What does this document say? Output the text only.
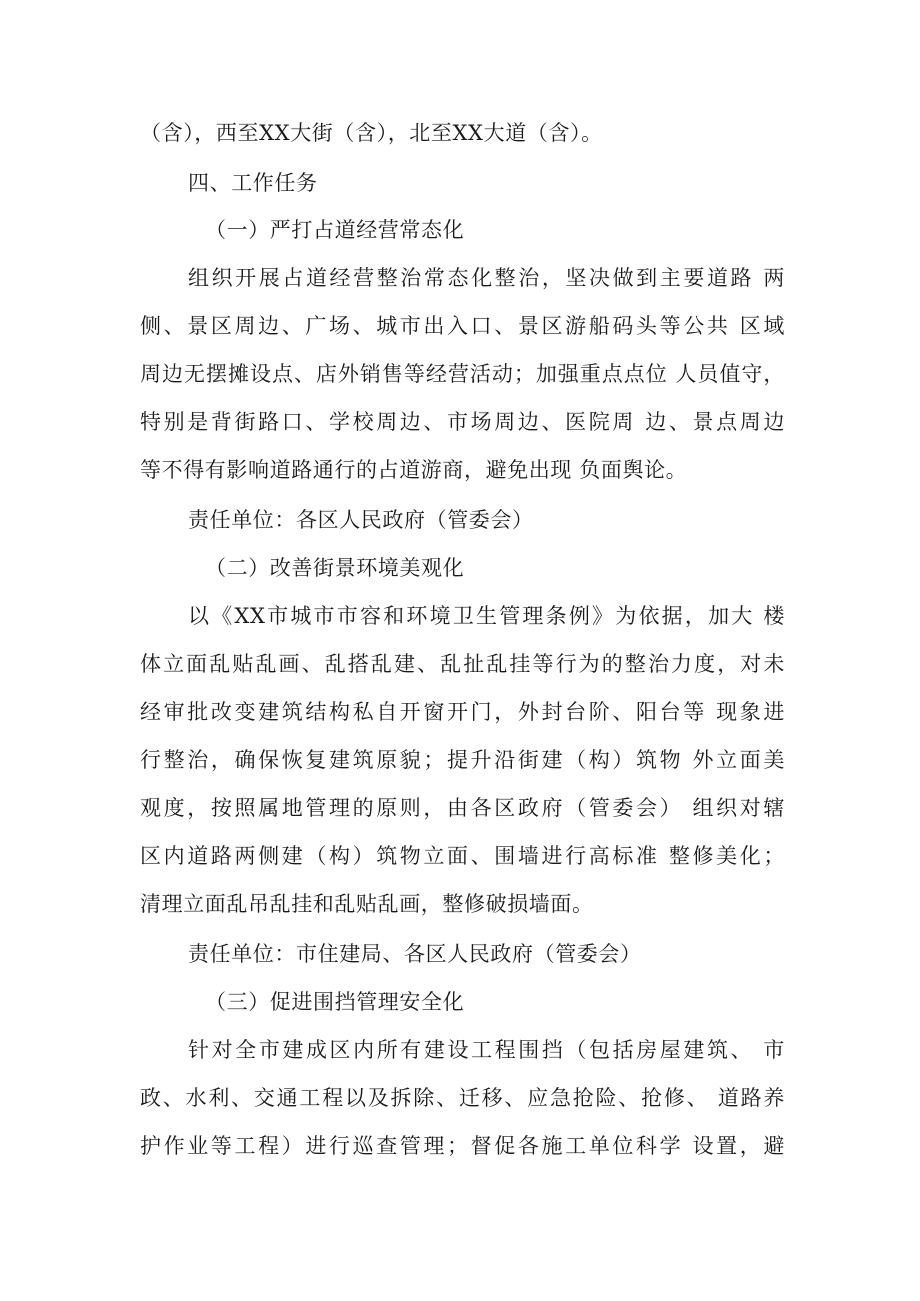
（含），西至XX大街（含），北至XX大道（含）。
四、工作任务
（一）严打占道经营常态化
组织开展占道经营整治常态化整治，坚决做到主要道路 两
侧、景区周边、广场、城市出入口、景区游船码头等公共 区域
周边无摆摊设点、店外销售等经营活动；加强重点点位 人员值守，
特别是背街路口、学校周边、市场周边、医院周 边、景点周边
等不得有影响道路通行的占道游商，避免出现 负面舆论。
责任单位：各区人民政府（管委会）
（二）改善街景环境美观化
以《XX市城市市容和环境卫生管理条例》为依据，加大 楼
体立面乱贴乱画、乱搭乱建、乱扯乱挂等行为的整治力度，对未
经审批改变建筑结构私自开窗开门，外封台阶、阳台等 现象进
行整治，确保恢复建筑原貌；提升沿街建（构）筑物 外立面美
观度，按照属地管理的原则，由各区政府（管委会） 组织对辖
区内道路两侧建（构）筑物立面、围墙进行高标准 整修美化；
清理立面乱吊乱挂和乱贴乱画，整修破损墙面。
责任单位：市住建局、各区人民政府（管委会）
（三）促进围挡管理安全化
针对全市建成区内所有建设工程围挡（包括房屋建筑、 市
政、水利、交通工程以及拆除、迁移、应急抢险、抢修、 道路养
护作业等工程）进行巡查管理；督促各施工单位科学 设置，避
